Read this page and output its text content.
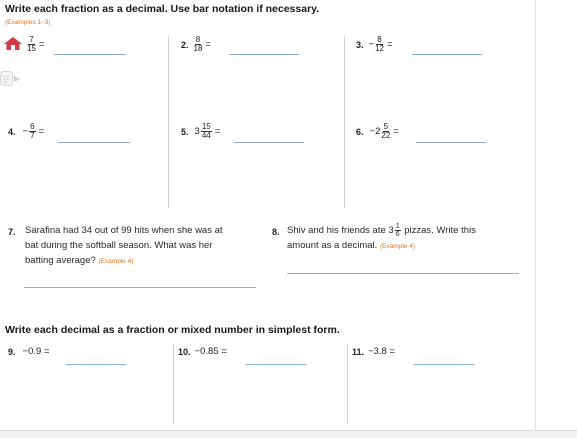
Write each fraction as a decimal. Use bar notation if necessary.
(Examples 1–3)
$\frac{7}{15}$ =	2. $\frac{8}{18}$ =	3. − $\frac{8}{12}$ =
4. − $\frac{6}{7}$ =	5. $3 \frac{15}{44}$ =	6. − $2 \frac{5}{22}$ =
7. Sarafina had 34 out of 99 hits when she was at
bat during the softball season. What was her
batting average? (Example 4)
8. Shiv and his friends ate $3 \frac{1}{6}$ pizzas. Write this
amount as a decimal. (Example 4)
Write each decimal as a fraction or mixed number in simplest form.
9. −0.9 =	10. −0.85 =	11. −3.8 =
